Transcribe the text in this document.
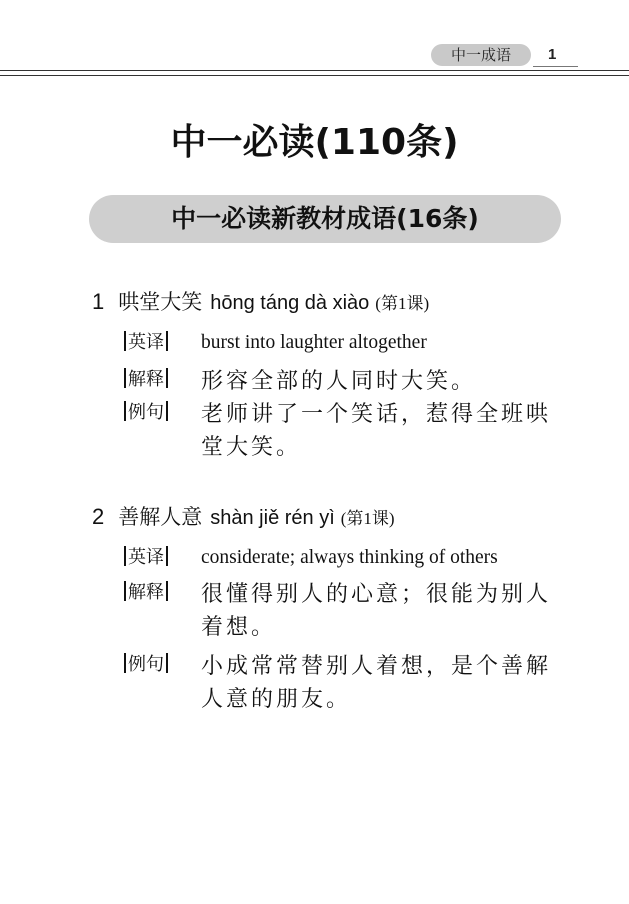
中一成语	1
中一必读(110条)
中一必读新教材成语(16条)
1 哄堂大笑 hōng táng dà xiào (第1课)
英译	burst into laughter altogether
解释	形容全部的人同时大笑。
例句	老师讲了一个笑话，惹得全班哄堂大笑。
2 善解人意 shàn jiě rén yì (第1课)
英译	considerate; always thinking of others
解释	很懂得别人的心意；很能为别人着想。
例句	小成常常替别人着想，是个善解人意的朋友。
